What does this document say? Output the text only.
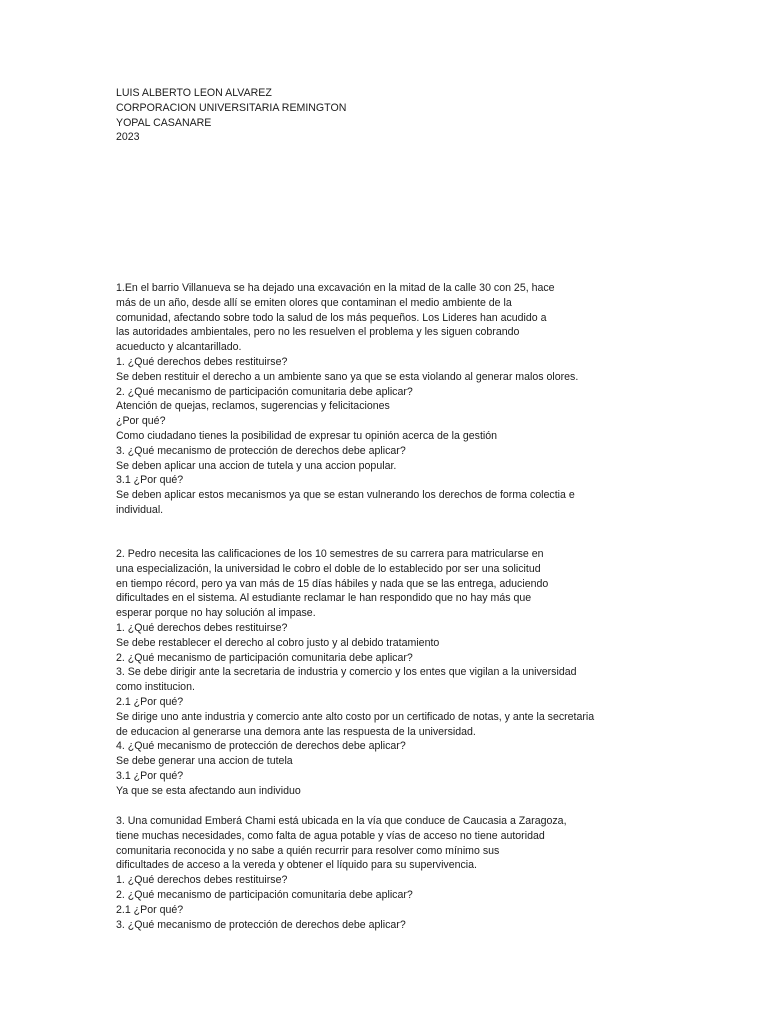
LUIS ALBERTO LEON ALVAREZ
CORPORACION UNIVERSITARIA REMINGTON
YOPAL CASANARE
2023
1.En el barrio Villanueva se ha dejado una excavación en la mitad de la calle 30 con 25, hace
más de un año, desde allí se emiten olores que contaminan el medio ambiente de la
comunidad, afectando sobre todo la salud de los más pequeños. Los Lideres han acudido a
las autoridades ambientales, pero no les resuelven el problema y les siguen cobrando
acueducto y alcantarillado.
1. ¿Qué derechos debes restituirse?
Se deben restituir el derecho a un ambiente sano ya que se esta violando al generar malos olores.
2. ¿Qué mecanismo de participación comunitaria debe aplicar?
Atención de quejas, reclamos, sugerencias y felicitaciones
¿Por qué?
Como ciudadano tienes la posibilidad de expresar tu opinión acerca de la gestión
3. ¿Qué mecanismo de protección de derechos debe aplicar?
Se deben aplicar una accion de tutela y una accion popular.
3.1 ¿Por qué?
Se deben aplicar estos mecanismos ya que se estan vulnerando los derechos de forma colectia e
individual.
2. Pedro necesita las calificaciones de los 10 semestres de su carrera para matricularse en
una especialización, la universidad le cobro el doble de lo establecido por ser una solicitud
en tiempo récord, pero ya van más de 15 días hábiles y nada que se las entrega, aduciendo
dificultades en el sistema. Al estudiante reclamar le han respondido que no hay más que
esperar porque no hay solución al impase.
1. ¿Qué derechos debes restituirse?
Se debe restablecer el derecho al cobro justo y al debido tratamiento
2. ¿Qué mecanismo de participación comunitaria debe aplicar?
3. Se debe dirigir ante la secretaria de industria y comercio y los entes que vigilan a la universidad
como institucion.
2.1 ¿Por qué?
Se dirige uno ante industria y comercio ante alto costo por un certificado de notas, y ante la secretaria
de educacion al generarse una demora ante las respuesta de la universidad.
4. ¿Qué mecanismo de protección de derechos debe aplicar?
Se debe generar una accion de tutela
3.1 ¿Por qué?
Ya que se esta afectando aun individuo
3. Una comunidad Emberá Chami está ubicada en la vía que conduce de Caucasia a Zaragoza,
tiene muchas necesidades, como falta de agua potable y vías de acceso no tiene autoridad
comunitaria reconocida y no sabe a quién recurrir para resolver como mínimo sus
dificultades de acceso a la vereda y obtener el líquido para su supervivencia.
1. ¿Qué derechos debes restituirse?
2. ¿Qué mecanismo de participación comunitaria debe aplicar?
2.1 ¿Por qué?
3. ¿Qué mecanismo de protección de derechos debe aplicar?
